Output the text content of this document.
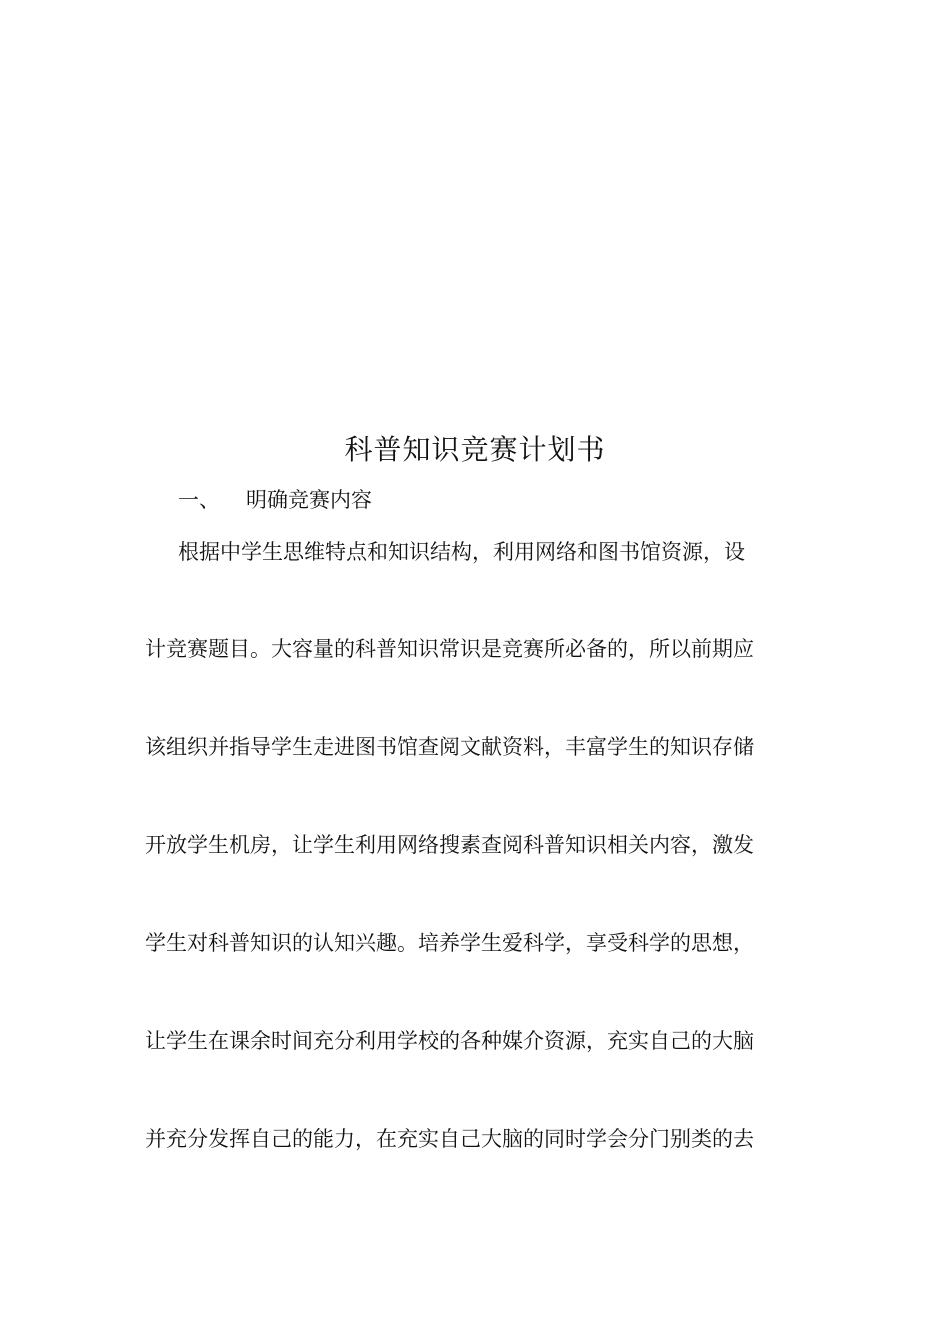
科普知识竞赛计划书
一、 明确竞赛内容
根据中学生思维特点和知识结构，利用网络和图书馆资源，设
计竞赛题目。大容量的科普知识常识是竞赛所必备的，所以前期应
该组织并指导学生走进图书馆查阅文献资料，丰富学生的知识存储
开放学生机房，让学生利用网络搜素查阅科普知识相关内容，激发
学生对科普知识的认知兴趣。培养学生爱科学，享受科学的思想，
让学生在课余时间充分利用学校的各种媒介资源，充实自己的大脑
并充分发挥自己的能力，在充实自己大脑的同时学会分门别类的去
